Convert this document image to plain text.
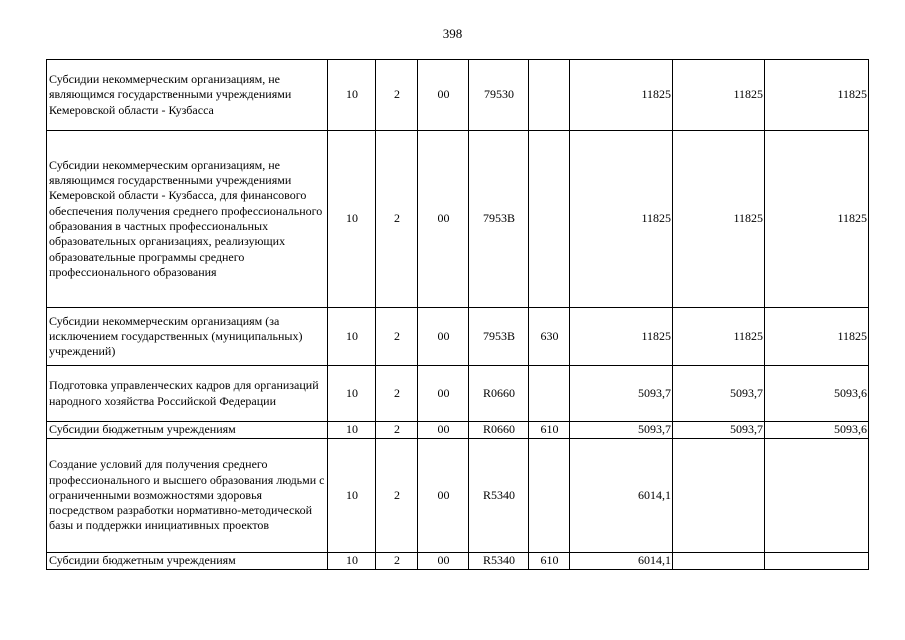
398
Субсидии некоммерческим организациям, не являющимся государственными учреждениями Кемеровской области - Кузбасса	10	2	00	79530		11825	11825	11825
Субсидии некоммерческим организациям, не являющимся государственными учреждениями Кемеровской области - Кузбасса, для финансового обеспечения получения среднего профессионального образования в частных профессиональных образовательных организациях, реализующих образовательные программы среднего профессионального образования	10	2	00	7953В		11825	11825	11825
Субсидии некоммерческим организациям (за исключением государственных (муниципальных) учреждений)	10	2	00	7953В	630	11825	11825	11825
Подготовка управленческих кадров для организаций народного хозяйства Российской Федерации	10	2	00	R0660		5093,7	5093,7	5093,6
Субсидии бюджетным учреждениям	10	2	00	R0660	610	5093,7	5093,7	5093,6
Создание условий для получения среднего профессионального и высшего образования людьми с ограниченными возможностями здоровья посредством разработки нормативно-методической базы и поддержки инициативных проектов	10	2	00	R5340		6014,1		
Субсидии бюджетным учреждениям	10	2	00	R5340	610	6014,1		
